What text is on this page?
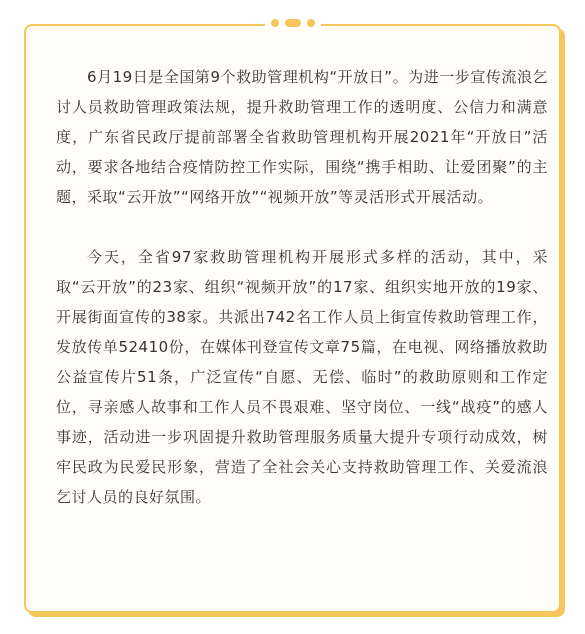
6月19日是全国第9个救助管理机构“开放日”。为进一步宣传流浪乞讨人员救助管理政策法规，提升救助管理工作的透明度、公信力和满意度，广东省民政厅提前部署全省救助管理机构开展2021年“开放日”活动，要求各地结合疫情防控工作实际，围绕“携手相助、让爱团聚”的主题，采取“云开放”“网络开放”“视频开放”等灵活形式开展活动。

今天，全省97家救助管理机构开展形式多样的活动，其中，采取“云开放”的23家、组织“视频开放”的17家、组织实地开放的19家、开展街面宣传的38家。共派出742名工作人员上街宣传救助管理工作，发放传单52410份，在媒体刊登宣传文章75篇，在电视、网络播放救助公益宣传片51条，广泛宣传“自愿、无偿、临时”的救助原则和工作定位，寻亲感人故事和工作人员不畏艰难、坚守岗位、一线“战疫”的感人事迹，活动进一步巩固提升救助管理服务质量大提升专项行动成效，树牢民政为民爱民形象，营造了全社会关心支持救助管理工作、关爱流浪乞讨人员的良好氛围。
